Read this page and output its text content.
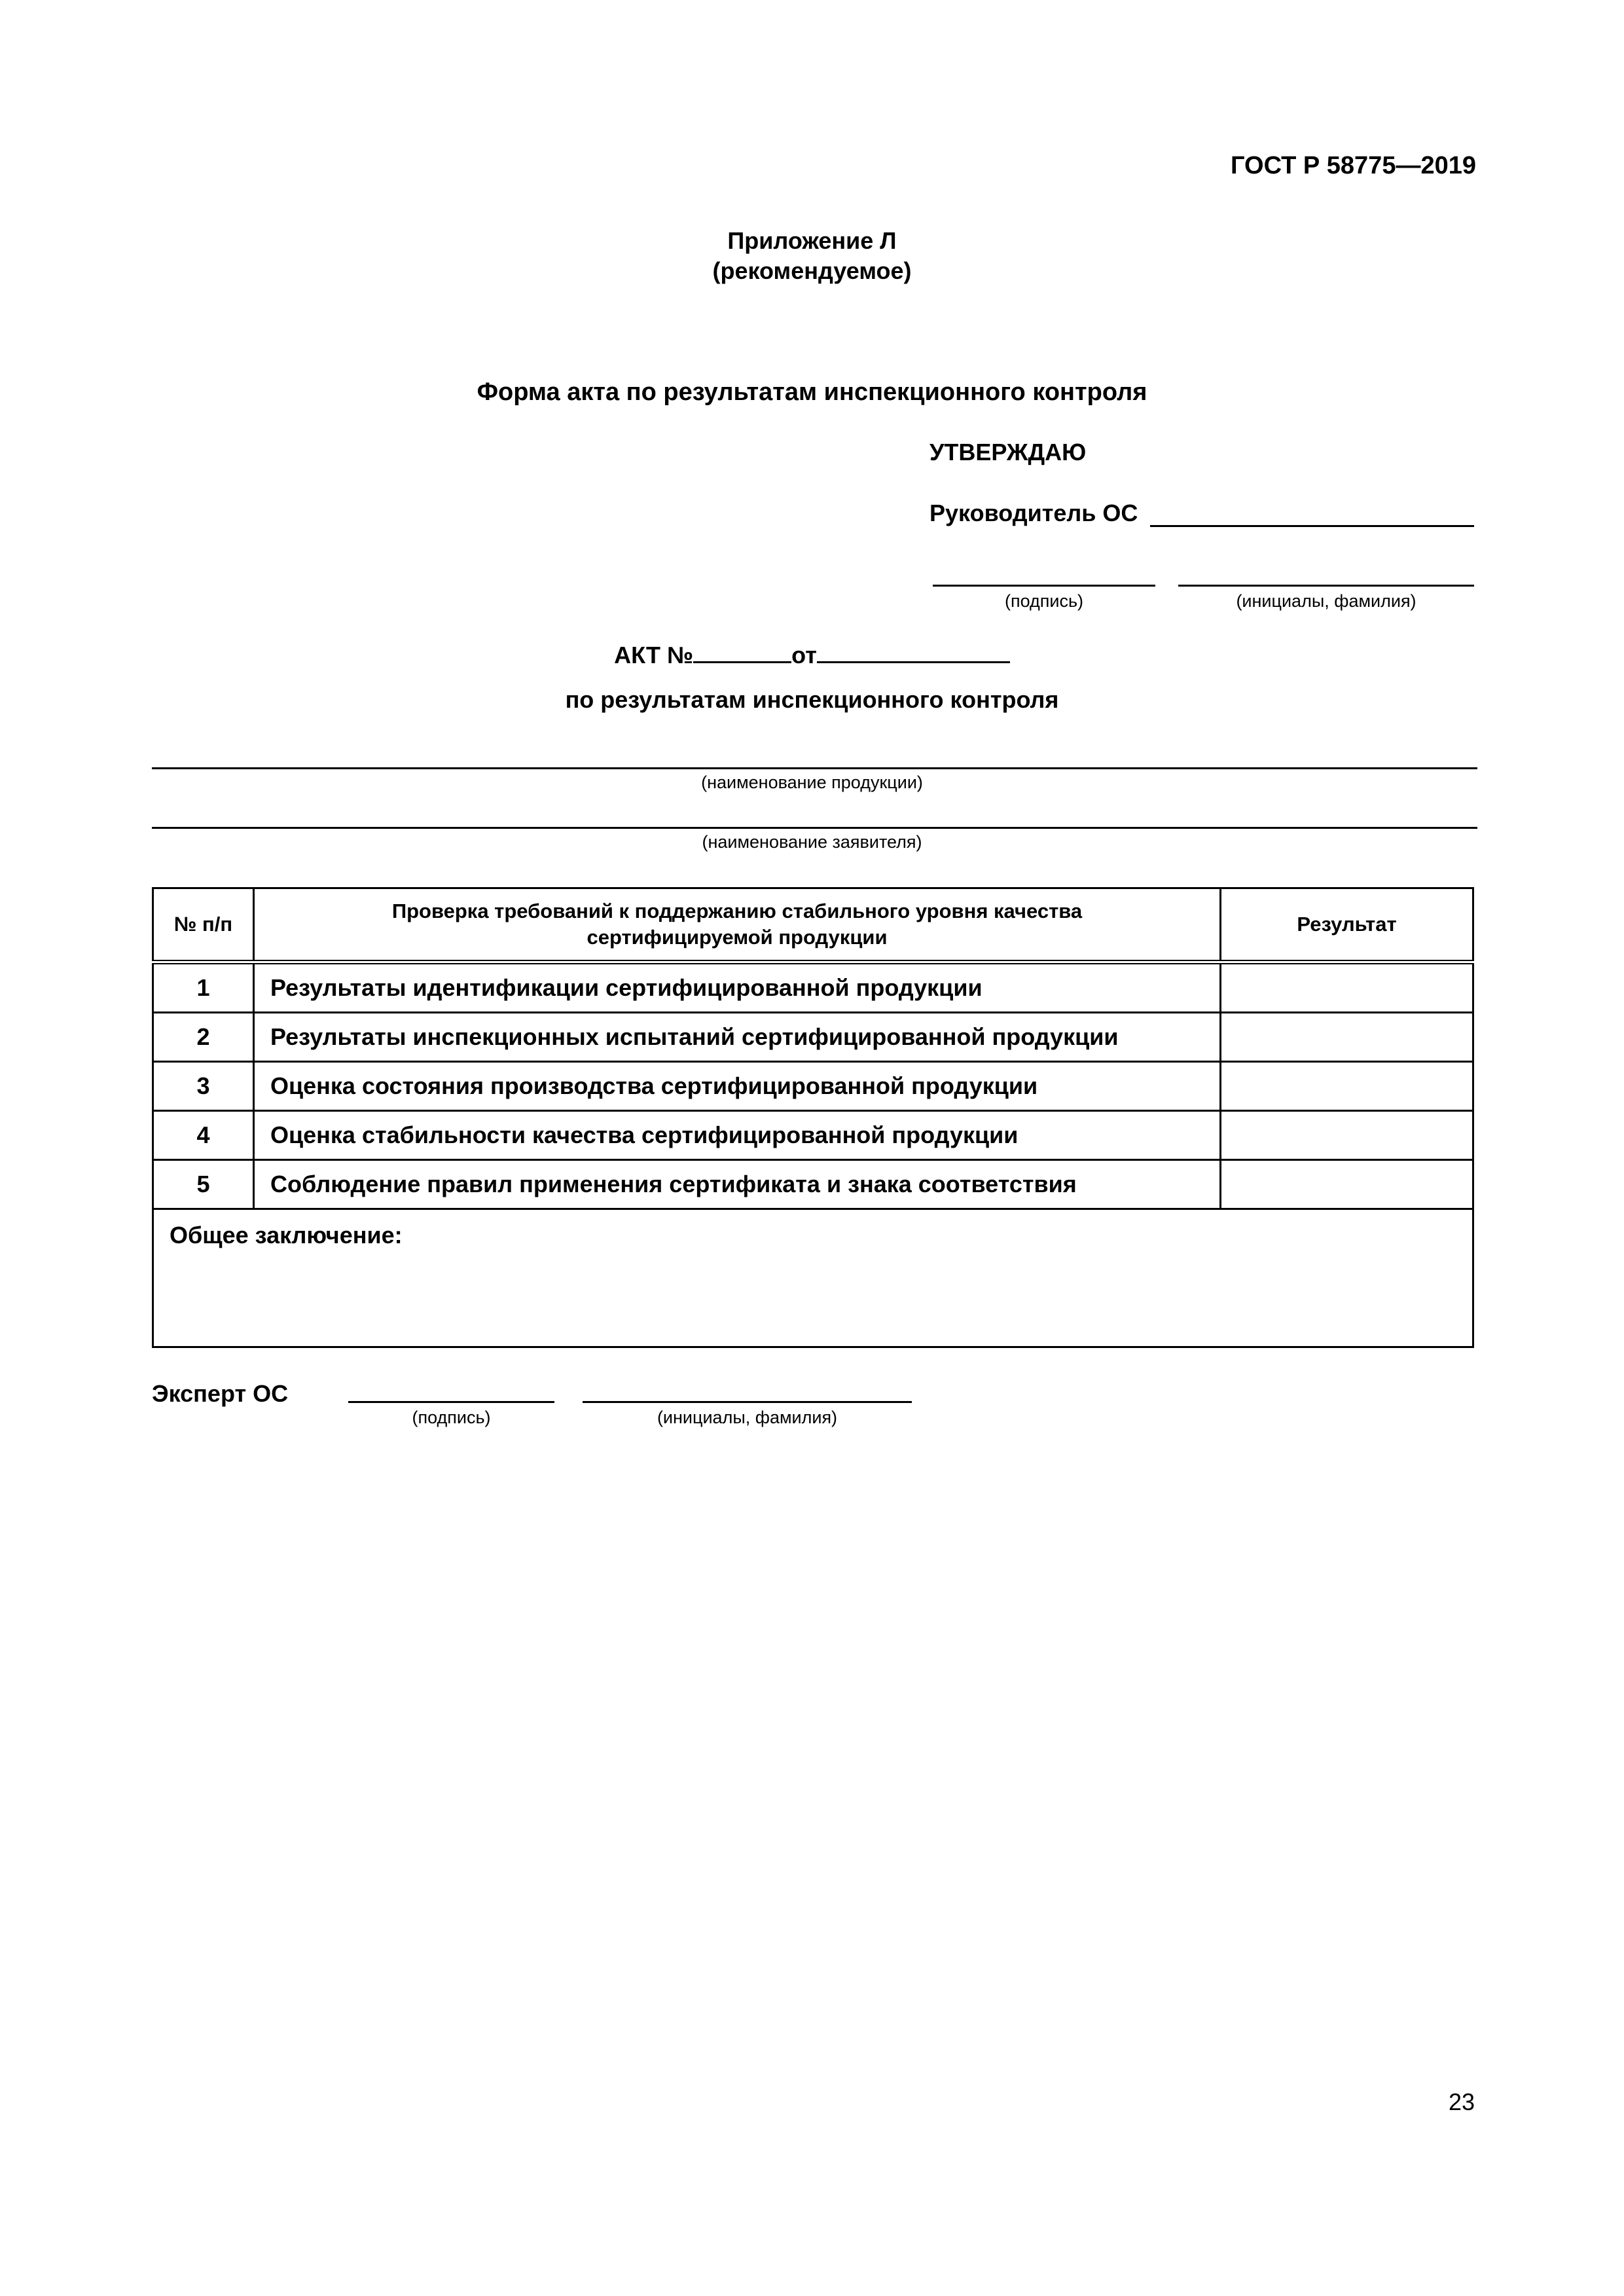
ГОСТ Р 58775—2019
Приложение Л
(рекомендуемое)
Форма акта по результатам инспекционного контроля
УТВЕРЖДАЮ
Руководитель ОС
(подпись)	(инициалы, фамилия)
АКТ №	от
по результатам инспекционного контроля
(наименование продукции)
(наименование заявителя)
№ п/п	Проверка требований к поддержанию стабильного уровня качества сертифицируемой продукции	Результат
1	Результаты идентификации сертифицированной продукции	
2	Результаты инспекционных испытаний сертифицированной продукции	
3	Оценка состояния производства сертифицированной продукции	
4	Оценка стабильности качества сертифицированной продукции	
5	Соблюдение правил применения сертификата и знака соответствия	
Общее заключение:		
Эксперт ОС
(подпись)	(инициалы, фамилия)
23
